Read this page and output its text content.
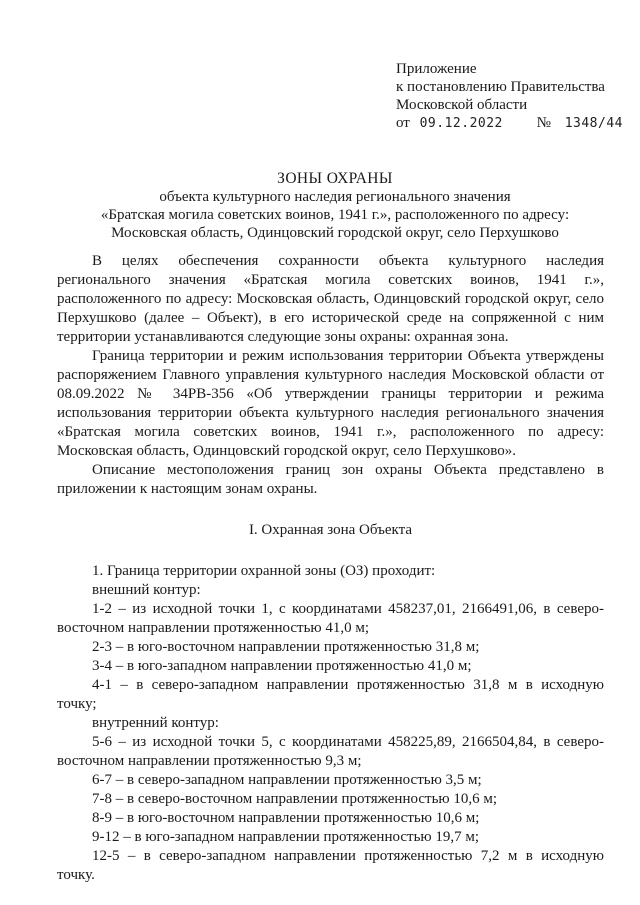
Приложение
к постановлению Правительства
Московской области
от 09.12.2022 № 1348/44
ЗОНЫ ОХРАНЫ
объекта культурного наследия регионального значения
«Братская могила советских воинов, 1941 г.», расположенного по адресу:
Московская область, Одинцовский городской округ, село Перхушково

В целях обеспечения сохранности объекта культурного наследия регионального значения «Братская могила советских воинов, 1941 г.», расположенного по адресу: Московская область, Одинцовский городской округ, село Перхушково (далее – Объект), в его исторической среде на сопряженной с ним территории устанавливаются следующие зоны охраны: охранная зона.

Граница территории и режим использования территории Объекта утверждены распоряжением Главного управления культурного наследия Московской области от 08.09.2022 № 34РВ-356 «Об утверждении границы территории и режима использования территории объекта культурного наследия регионального значения «Братская могила советских воинов, 1941 г.», расположенного по адресу: Московская область, Одинцовский городской округ, село Перхушково».

Описание местоположения границ зон охраны Объекта представлено в приложении к настоящим зонам охраны.

I. Охранная зона Объекта

1. Граница территории охранной зоны (ОЗ) проходит:

внешний контур:

1-2 – из исходной точки 1, с координатами 458237,01, 2166491,06, в северо-восточном направлении протяженностью 41,0 м;

2-3 – в юго-восточном направлении протяженностью 31,8 м;

3-4 – в юго-западном направлении протяженностью 41,0 м;

4-1 – в северо-западном направлении протяженностью 31,8 м в исходную точку;

внутренний контур:

5-6 – из исходной точки 5, с координатами 458225,89, 2166504,84, в северо-восточном направлении протяженностью 9,3 м;

6-7 – в северо-западном направлении протяженностью 3,5 м;

7-8 – в северо-восточном направлении протяженностью 10,6 м;

8-9 – в юго-восточном направлении протяженностью 10,6 м;

9-12 – в юго-западном направлении протяженностью 19,7 м;

12-5 – в северо-западном направлении протяженностью 7,2 м в исходную точку.
